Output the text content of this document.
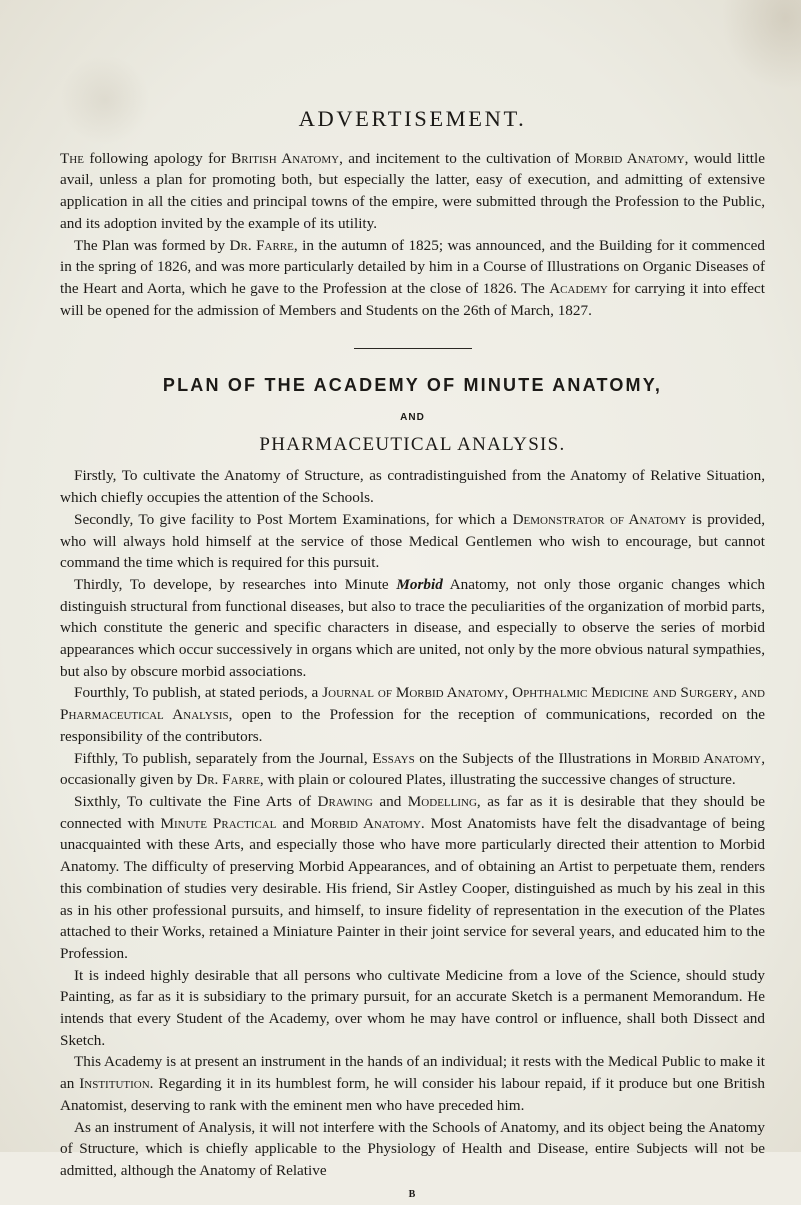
ADVERTISEMENT.

The following apology for British Anatomy, and incitement to the cultivation of Morbid Anatomy, would little avail, unless a plan for promoting both, but especially the latter, easy of execution, and admitting of extensive application in all the cities and principal towns of the empire, were submitted through the Profession to the Public, and its adoption invited by the example of its utility.

The Plan was formed by Dr. Farre, in the autumn of 1825; was announced, and the Building for it commenced in the spring of 1826, and was more particularly detailed by him in a Course of Illustrations on Organic Diseases of the Heart and Aorta, which he gave to the Profession at the close of 1826. The Academy for carrying it into effect will be opened for the admission of Members and Students on the 26th of March, 1827.

PLAN OF THE ACADEMY OF MINUTE ANATOMY,

AND

PHARMACEUTICAL ANALYSIS.

Firstly, To cultivate the Anatomy of Structure, as contradistinguished from the Anatomy of Relative Situation, which chiefly occupies the attention of the Schools.

Secondly, To give facility to Post Mortem Examinations, for which a Demonstrator of Anatomy is provided, who will always hold himself at the service of those Medical Gentlemen who wish to encourage, but cannot command the time which is required for this pursuit.

Thirdly, To develope, by researches into Minute Morbid Anatomy, not only those organic changes which distinguish structural from functional diseases, but also to trace the peculiarities of the organization of morbid parts, which constitute the generic and specific characters in disease, and especially to observe the series of morbid appearances which occur successively in organs which are united, not only by the more obvious natural sympathies, but also by obscure morbid associations.

Fourthly, To publish, at stated periods, a Journal of Morbid Anatomy, Ophthalmic Medicine and Surgery, and Pharmaceutical Analysis, open to the Profession for the reception of communications, recorded on the responsibility of the contributors.

Fifthly, To publish, separately from the Journal, Essays on the Subjects of the Illustrations in Morbid Anatomy, occasionally given by Dr. Farre, with plain or coloured Plates, illustrating the successive changes of structure.

Sixthly, To cultivate the Fine Arts of Drawing and Modelling, as far as it is desirable that they should be connected with Minute Practical and Morbid Anatomy. Most Anatomists have felt the disadvantage of being unacquainted with these Arts, and especially those who have more particularly directed their attention to Morbid Anatomy. The difficulty of preserving Morbid Appearances, and of obtaining an Artist to perpetuate them, renders this combination of studies very desirable. His friend, Sir Astley Cooper, distinguished as much by his zeal in this as in his other professional pursuits, and himself, to insure fidelity of representation in the execution of the Plates attached to their Works, retained a Miniature Painter in their joint service for several years, and educated him to the Profession.

It is indeed highly desirable that all persons who cultivate Medicine from a love of the Science, should study Painting, as far as it is subsidiary to the primary pursuit, for an accurate Sketch is a permanent Memorandum. He intends that every Student of the Academy, over whom he may have control or influence, shall both Dissect and Sketch.

This Academy is at present an instrument in the hands of an individual; it rests with the Medical Public to make it an Institution. Regarding it in its humblest form, he will consider his labour repaid, if it produce but one British Anatomist, deserving to rank with the eminent men who have preceded him.

As an instrument of Analysis, it will not interfere with the Schools of Anatomy, and its object being the Anatomy of Structure, which is chiefly applicable to the Physiology of Health and Disease, entire Subjects will not be admitted, although the Anatomy of Relative

B
